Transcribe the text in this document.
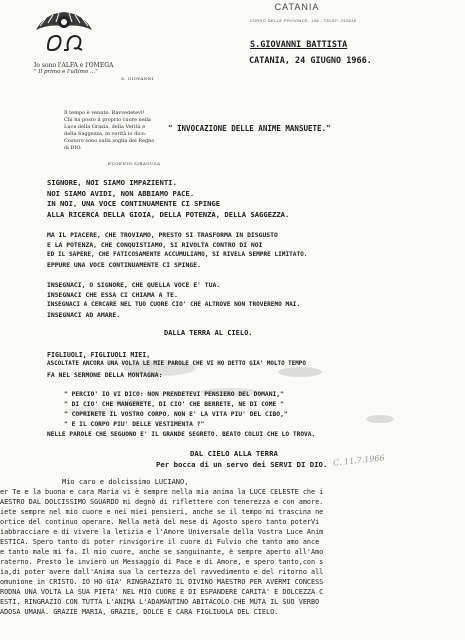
Io sono l'ALFA e l'OMEGA
" Il primo e l'ultimo ..."
S. GIOVANNI
Il tempo è venuto. Ravvedetevi!
Chi ha posto il proprio cuore nella
Luce della Grazia, della Verità e
della Saggezza, in verità io dico:
Costoro sono sulla soglia del Regno
di DIO.
EUGENIO SIRAGUSA
CATANIA
CORSO DELLE PROVINCE, 146 - TELEF. 243818
S.GIOVANNI BATTISTA
CATANIA, 24 GIUGNO 1966.
" INVOCAZIONE DELLE ANIME MANSUETE."
SIGNORE, NOI SIAMO IMPAZIENTI.
NOI SIAMO AVIDI, NON ABBIAMO PACE.
IN NOI, UNA VOCE CONTINUAMENTE CI SPINGE
ALLA RICERCA DELLA GIOIA, DELLA POTENZA, DELLA SAGGEZZA.
MA IL PIACERE, CHE TROVIAMO, PRESTO SI TRASFORMA IN DISGUSTO
E LA POTENZA, CHE CONQUISTIAMO, SI RIVOLTA CONTRO DI NOI
ED IL SAPERE, CHE FATICOSAMENTE ACCUMULIAMO, SI RIVELA SEMPRE LIMITATO.
EPPURE UNA VOCE CONTINUAMENTE CI SPINGE.
INSEGNACI, O SIGNORE, CHE QUELLA VOCE E' TUA.
INSEGNACI CHE ESSA CI CHIAMA A TE.
INSEGNACI A CERCARE NEL TUO CUORE CIO' CHE ALTROVE NON TROVEREMO MAI.
INSEGNACI AD AMARE.
DALLA TERRA AL CIELO.
FIGLIUOLI, FIGLIUOLI MIEI,
ASCOLTATE ANCORA UNA VOLTA LE MIE PAROLE CHE VI HO DETTO GIA' MOLTO TEMPO
FA NEL SERMONE DELLA MONTAGNA:
" PERCIO' IO VI DICO: NON PRENDETEVI PENSIERO DEL DOMANI,"
" DI CIO' CHE MANGERETE, DI CIO' CHE BERRETE, NE DI COME "
" COPRIRETE IL VOSTRO CORPO. NON E' LA VITA PIU' DEL CIBO,"
" E IL CORPO PIU' DELLE VESTIMENTA ?"
NELLE PAROLE CHE SEGUONO E' IL GRANDE SEGRETO. BEATO COLUI CHE LO TROVA.
DAL CIELO ALLA TERRA
Per bocca di un servo dei SERVI DI DIO. C. 11.7.1966
Mio caro e dolcissimo LUCIANO,
er Te e la buona e cara Maria vi è sempre nella mia anima la LUCE CELESTE che i
AESTRO DAL DOLCISSIMO SGUARDO mi degnò di riflettere con tenerezza e con amore.
iete sempre nel mio cuore e nei miei pensieri, anche se il tempo mi trascina ne
ortice del continuo operare. Nella metà del mese di Agosto spero tanto poterVi
iabbracciare e di vivere la letizia e l'Amore Universale della Vostra Luce Anim
ESTICA. Spero tanto di poter rinvigorire il cuore di Fulvio che tanto amo ance
e tanto male mi fa. Il mio cuore, anche se sanguinante, è sempre aperto all'Amo
raterno. Presto le invierò un Messaggio di Pace e di Amore, e spero tanto,con s
ia,di poter avere dall'Anima sua la certezza del ravvedimento e del ritorno all
omunione in CRISTO. IO HO GIA' RINGRAZIATO IL DIVINO MAESTRO PER AVERMI CONCESS
RODNA UNA VOLTA LA SUA PIETA' NEL MIO CUORE E DI ESPANDERE CARITA' E DOLCEZZA C
ESTI. RINGRAZIO CON TUTTA L'ANIMA L'ADAMANTINO ABITACOLO CHE MUTA IL SUO VERBO
ADOSA UMANA. GRAZIE MARIA, GRAZIE, DOLCE E CARA FIGLIUOLA DEL CIELO.
